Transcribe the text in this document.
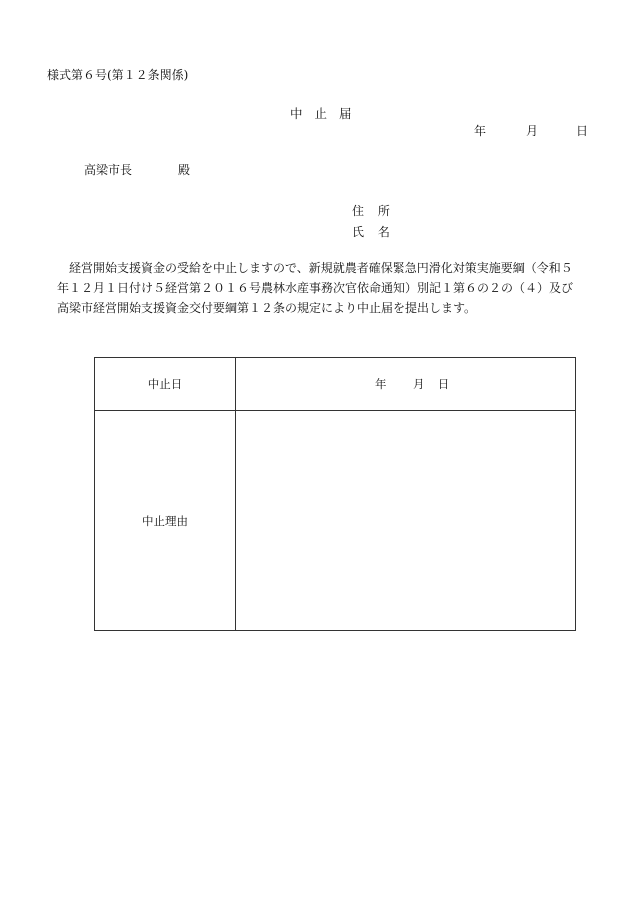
様式第６号(第１２条関係)
中 止 届
年	月	日
高梁市長	殿
住 所
氏 名
経営開始支援資金の受給を中止しますので、新規就農者確保緊急円滑化対策実施要綱（令和５
年１２月１日付け５経営第２０１６号農林水産事務次官依命通知）別記１第６の２の（４）及び
高梁市経営開始支援資金交付要綱第１２条の規定により中止届を提出します。
中止日	年 月 日
中止理由	
